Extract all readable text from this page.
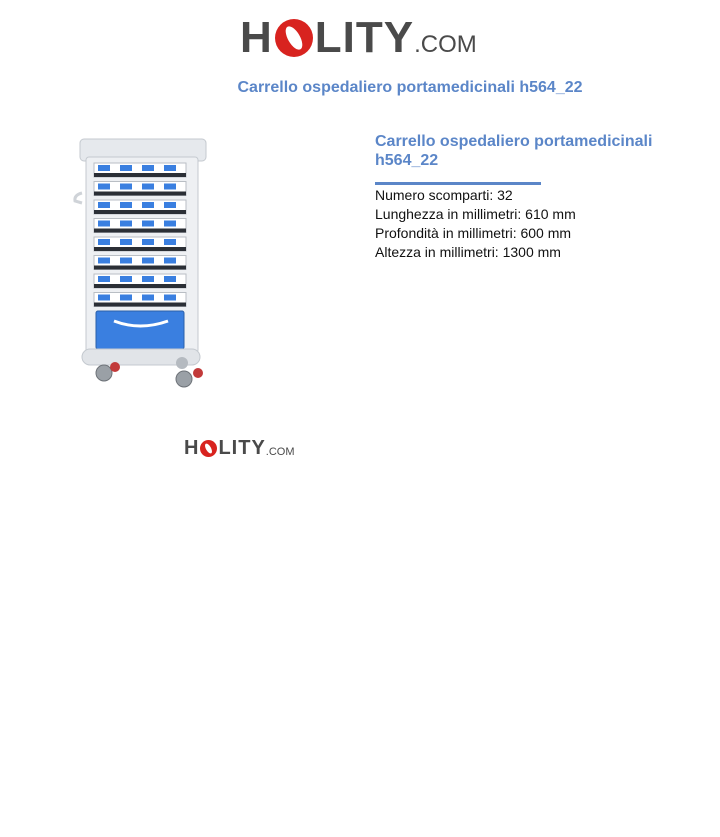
H LITY .COM
Carrello ospedaliero portamedicinali h564_22
Carrello ospedaliero portamedicinali h564_22
Numero scomparti: 32
Lunghezza in millimetri: 610 mm
Profondità in millimetri: 600 mm
Altezza in millimetri: 1300 mm
H LITY .COM
